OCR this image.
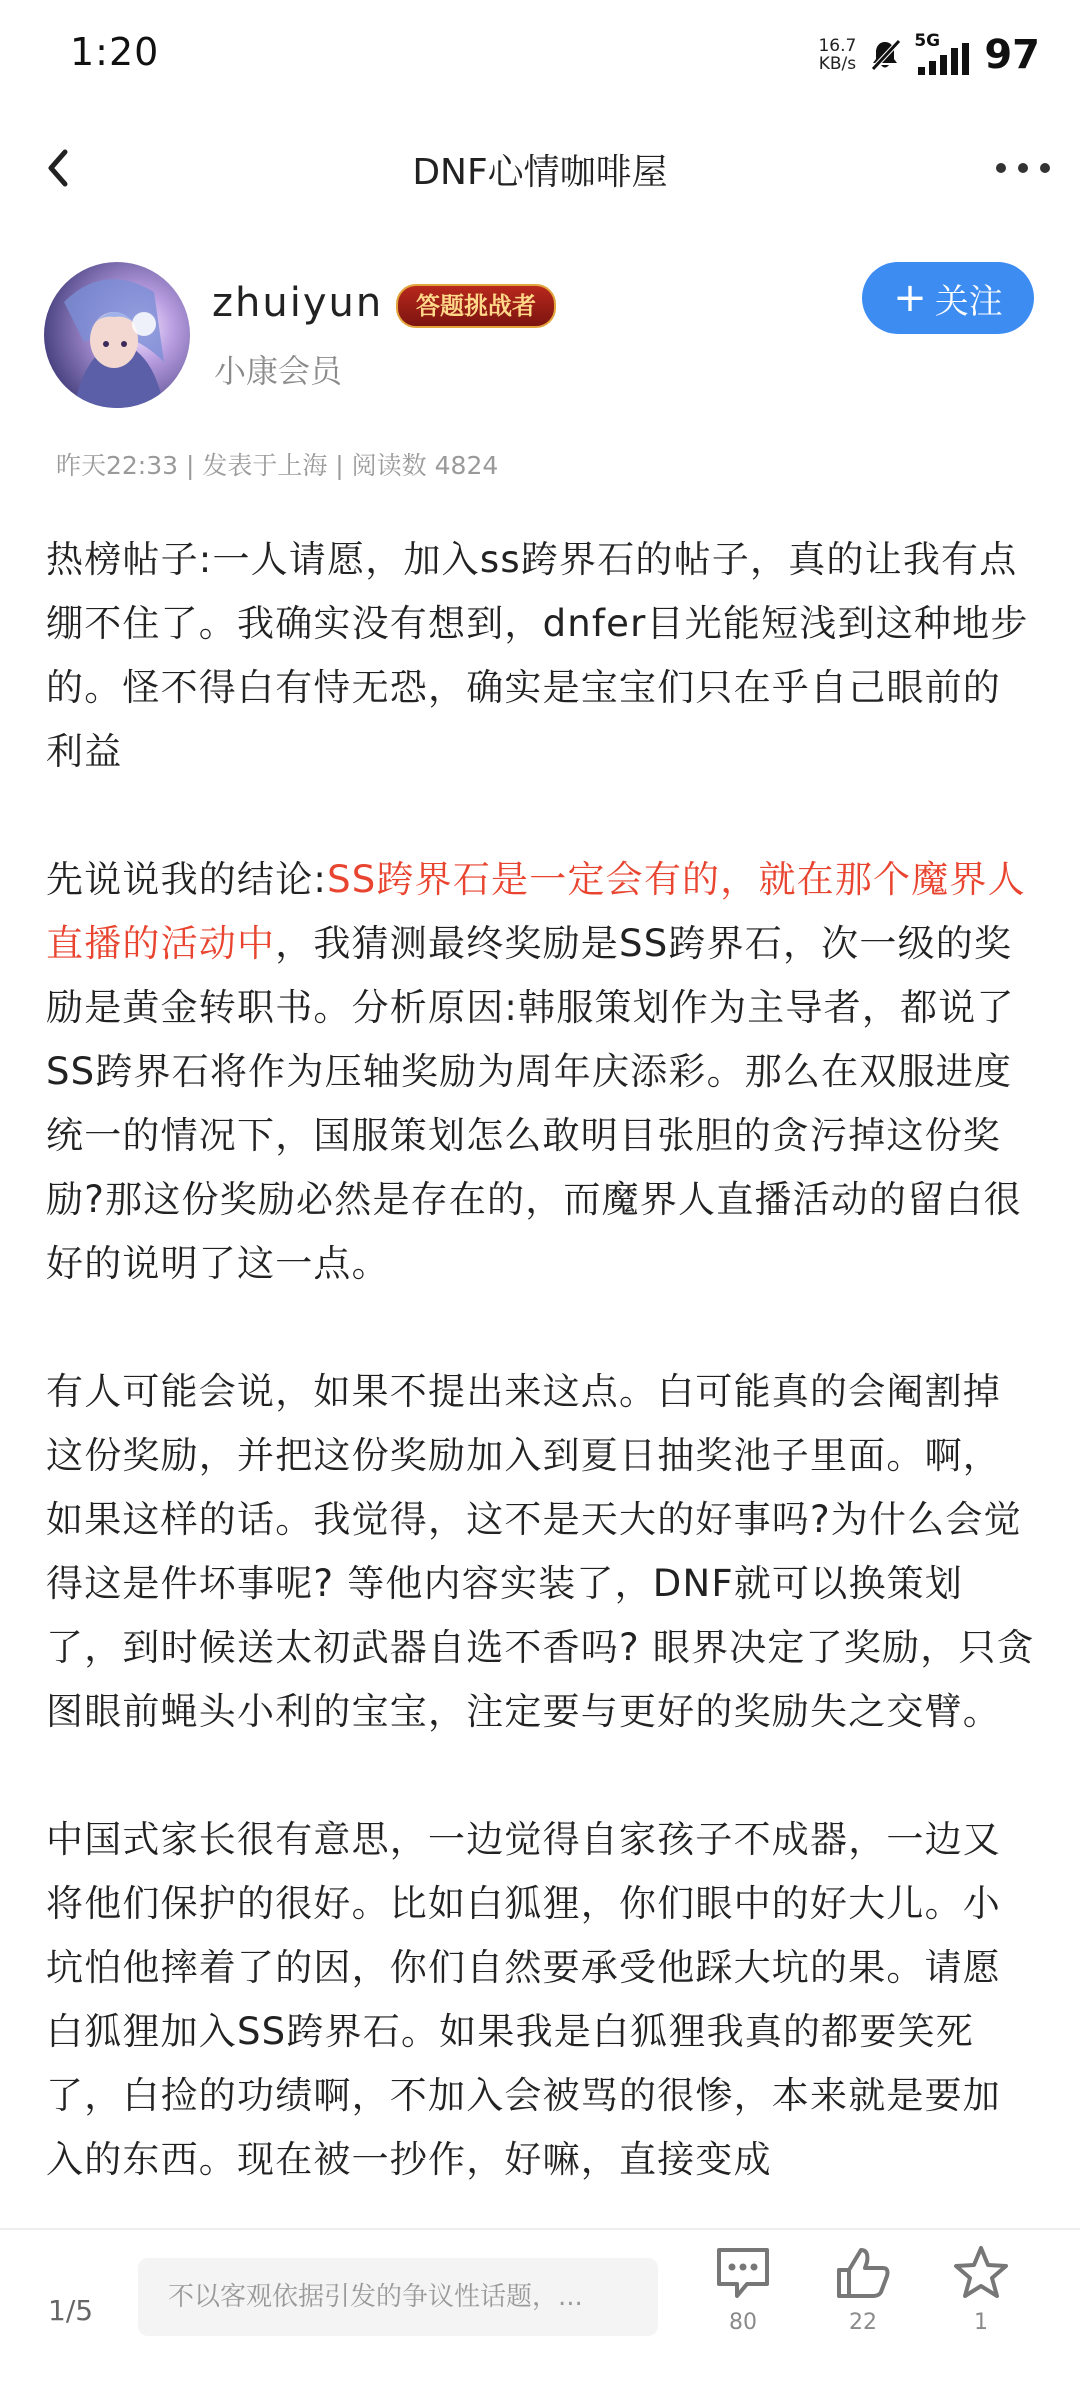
1:20	16.7
KB/s
5G 97
DNF心情咖啡屋
zhuiyun	答题挑战者
小康会员
+ 关注
昨天22:33 | 发表于上海 | 阅读数 4824

热榜帖子:一人请愿，加入ss跨界石的帖子，真的让我有点绷不住了。我确实没有想到，dnfer目光能短浅到这种地步的。怪不得白有恃无恐，确实是宝宝们只在乎自己眼前的利益

先说说我的结论:SS跨界石是一定会有的，就在那个魔界人直播的活动中，我猜测最终奖励是SS跨界石，次一级的奖励是黄金转职书。分析原因:韩服策划作为主导者，都说了SS跨界石将作为压轴奖励为周年庆添彩。那么在双服进度统一的情况下，国服策划怎么敢明目张胆的贪污掉这份奖励?那这份奖励必然是存在的，而魔界人直播活动的留白很好的说明了这一点。

有人可能会说，如果不提出来这点。白可能真的会阉割掉这份奖励，并把这份奖励加入到夏日抽奖池子里面。啊，如果这样的话。我觉得，这不是天大的好事吗?为什么会觉得这是件坏事呢? 等他内容实装了，DNF就可以换策划了，到时候送太初武器自选不香吗? 眼界决定了奖励，只贪图眼前蝇头小利的宝宝，注定要与更好的奖励失之交臂。

中国式家长很有意思，一边觉得自家孩子不成器，一边又将他们保护的很好。比如白狐狸，你们眼中的好大儿。小坑怕他摔着了的因，你们自然要承受他踩大坑的果。请愿白狐狸加入SS跨界石。如果我是白狐狸我真的都要笑死了，白捡的功绩啊，不加入会被骂的很惨，本来就是要加入的东西。现在被一抄作，好嘛，直接变成

1/5	不以客观依据引发的争议性话题，...
80	22	1
